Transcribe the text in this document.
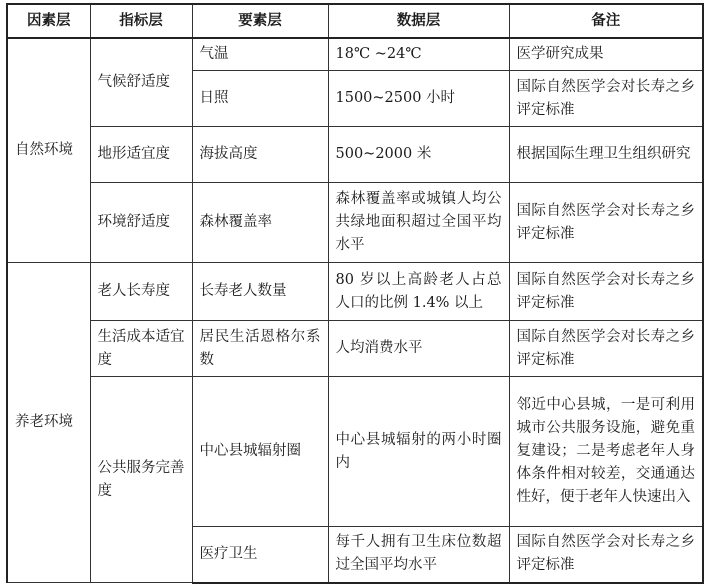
因素层	指标层	要素层	数据层	备注
自然环境	气候舒适度	气温	18℃ ~24℃	医学研究成果
		日照	1500~2500 小时	国际自然医学会对长寿之乡评定标准
	地形适宜度	海拔高度	500~2000 米	根据国际生理卫生组织研究
	环境舒适度	森林覆盖率	森林覆盖率或城镇人均公共绿地面积超过全国平均水平	国际自然医学会对长寿之乡评定标准
养老环境	老人长寿度	长寿老人数量	80 岁以上高龄老人占总人口的比例 1.4% 以上	国际自然医学会对长寿之乡评定标准
	生活成本适宜度	居民生活恩格尔系数	人均消费水平	国际自然医学会对长寿之乡评定标准
	公共服务完善度	中心县城辐射圈	中心县城辐射的两小时圈内	邻近中心县城，一是可利用城市公共服务设施，避免重复建设；二是考虑老年人身体条件相对较差，交通通达性好，便于老年人快速出入
		医疗卫生	每千人拥有卫生床位数超过全国平均水平	国际自然医学会对长寿之乡评定标准
